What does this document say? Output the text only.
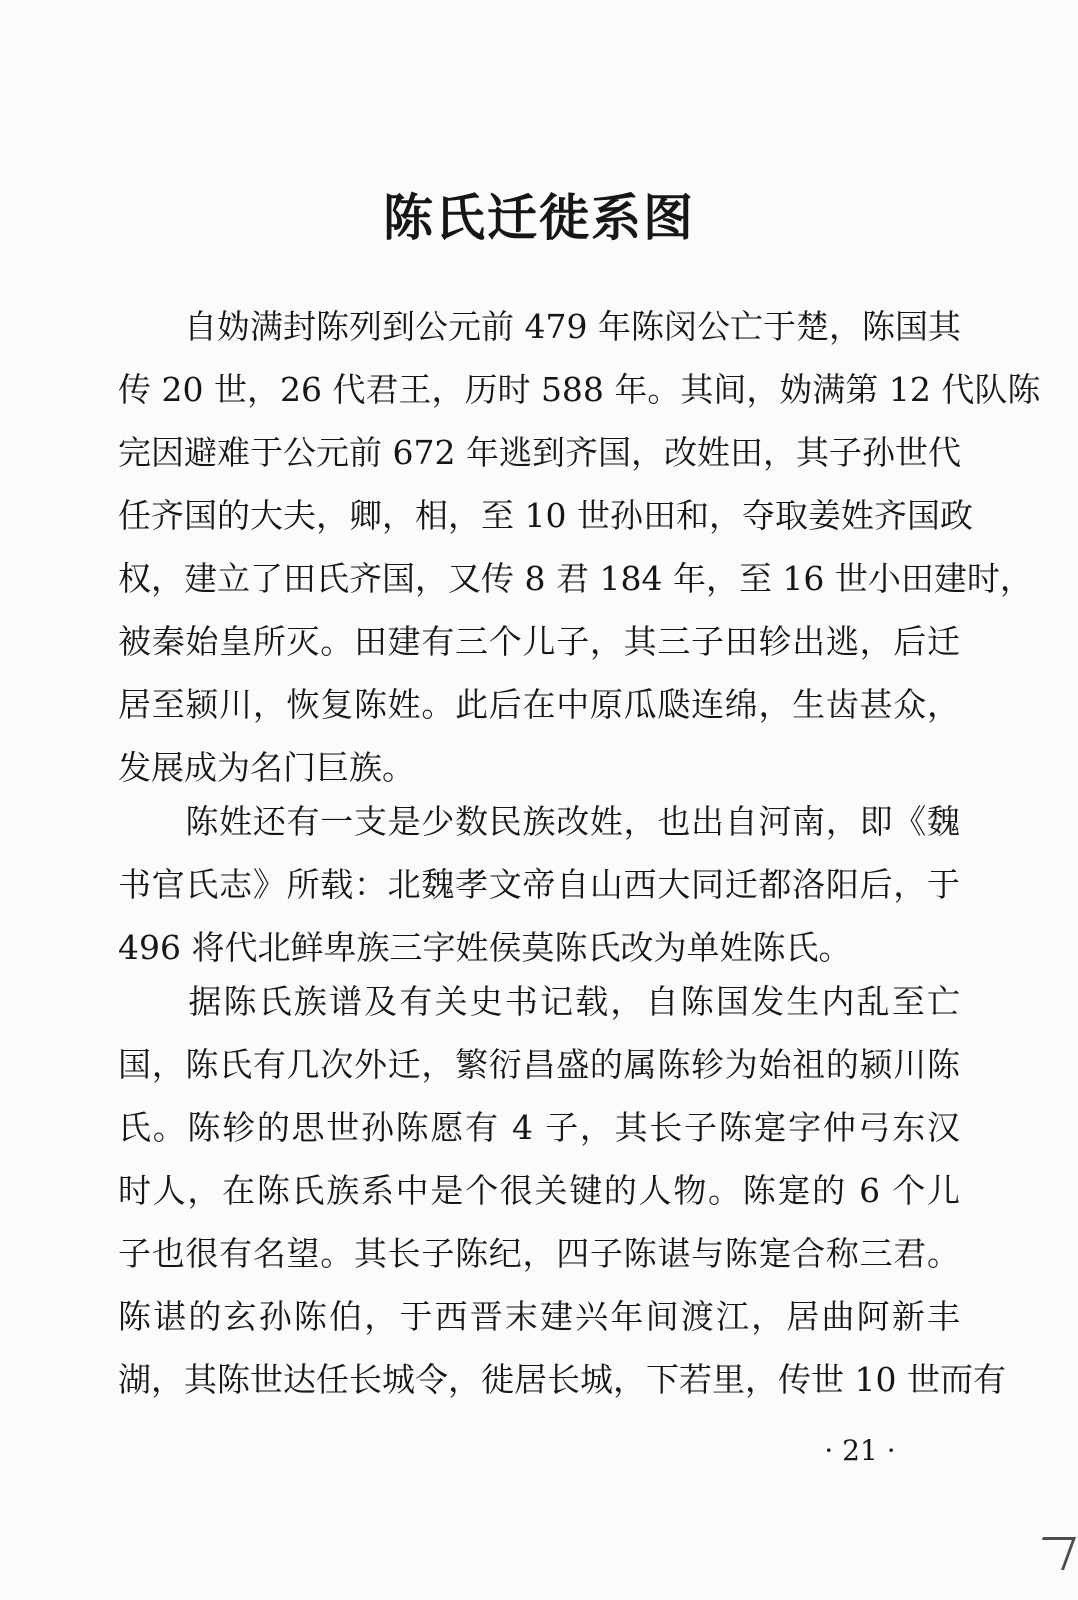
陈氏迁徙系图
　　自妫满封陈列到公元前 479 年陈闵公亡于楚，陈国其
传 20 世，26 代君王，历时 588 年。其间，妫满第 12 代队陈
完因避难于公元前 672 年逃到齐国，改姓田，其子孙世代
任齐国的大夫，卿，相，至 10 世孙田和，夺取姜姓齐国政
权，建立了田氏齐国，又传 8 君 184 年，至 16 世小田建时，
被秦始皇所灭。田建有三个儿子，其三子田轸出逃，后迁
居至颍川，恢复陈姓。此后在中原瓜瓞连绵，生齿甚众，
发展成为名门巨族。
　　陈姓还有一支是少数民族改姓，也出自河南，即《魏
书官氏志》所载：北魏孝文帝自山西大同迁都洛阳后，于
496 将代北鲜卑族三字姓侯莫陈氏改为单姓陈氏。
　　据陈氏族谱及有关史书记载，自陈国发生内乱至亡
国，陈氏有几次外迁，繁衍昌盛的属陈轸为始祖的颍川陈
氏。陈轸的思世孙陈愿有 4 子，其长子陈寔字仲弓东汉
时人，在陈氏族系中是个很关键的人物。陈寔的 6 个儿
子也很有名望。其长子陈纪，四子陈谌与陈寔合称三君。
陈谌的玄孙陈伯，于西晋末建兴年间渡江，居曲阿新丰
湖，其陈世达任长城令，徙居长城，下若里，传世 10 世而有
· 21 ·
